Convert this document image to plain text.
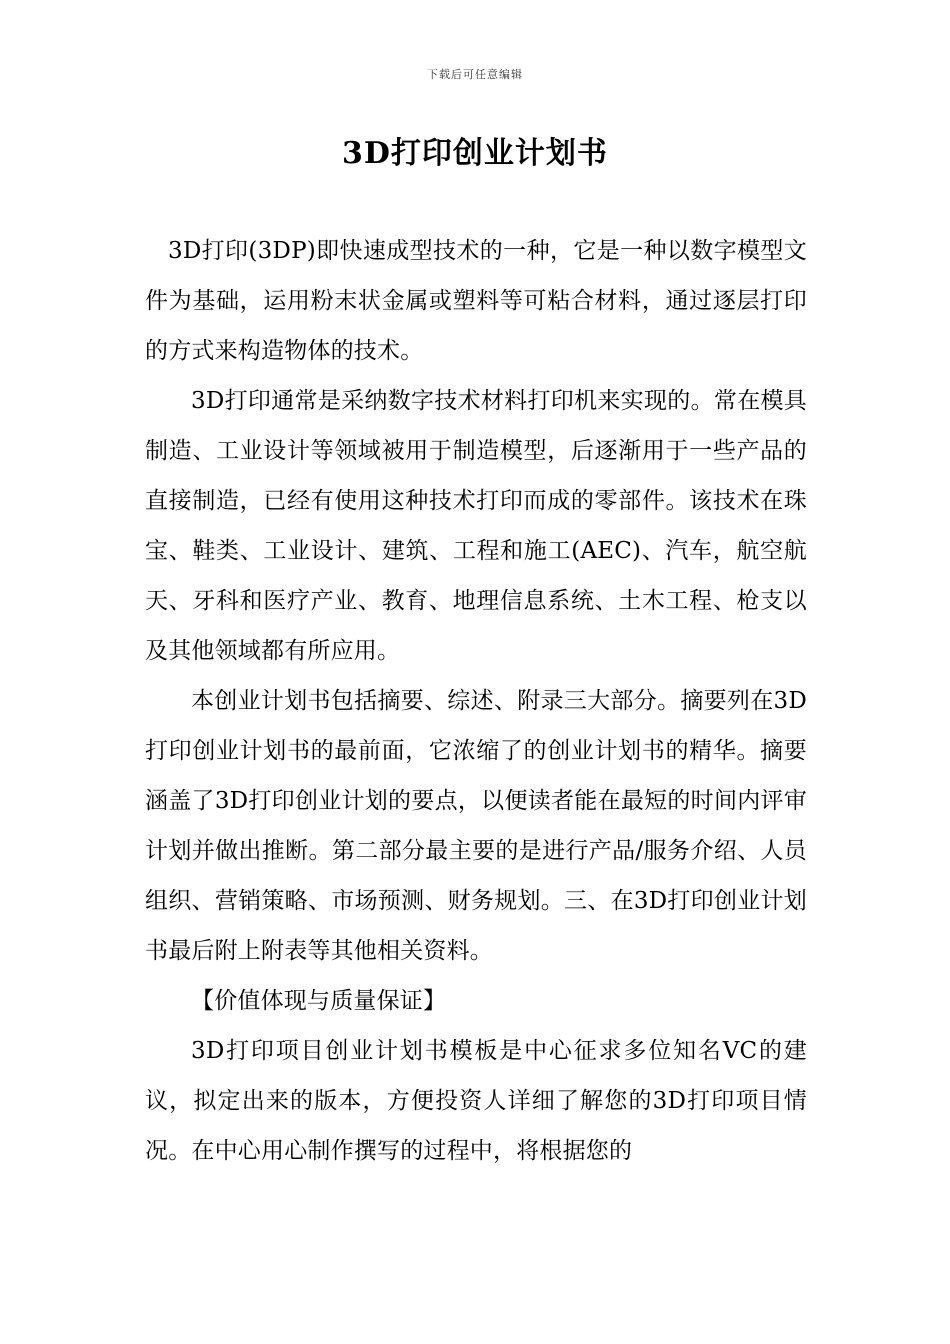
下载后可任意编辑
3D打印创业计划书

3D打印(3DP)即快速成型技术的一种，它是一种以数字模型文件为基础，运用粉末状金属或塑料等可粘合材料，通过逐层打印的方式来构造物体的技术。

3D打印通常是采纳数字技术材料打印机来实现的。常在模具制造、工业设计等领域被用于制造模型，后逐渐用于一些产品的直接制造，已经有使用这种技术打印而成的零部件。该技术在珠宝、鞋类、工业设计、建筑、工程和施工(AEC)、汽车，航空航天、牙科和医疗产业、教育、地理信息系统、土木工程、枪支以及其他领域都有所应用。

本创业计划书包括摘要、综述、附录三大部分。摘要列在3D打印创业计划书的最前面，它浓缩了的创业计划书的精华。摘要涵盖了3D打印创业计划的要点，以便读者能在最短的时间内评审 计划并做出推断。第二部分最主要的是进行产品/服务介绍、人员组织、营销策略、市场预测、财务规划。三、在3D打印创业计划书最后附上附表等其他相关资料。

【价值体现与质量保证】

3D打印项目创业计划书模板是中心征求多位知名VC的建议，拟定出来的版本，方便投资人详细了解您的3D打印项目情况。在中心用心制作撰写的过程中，将根据您的
